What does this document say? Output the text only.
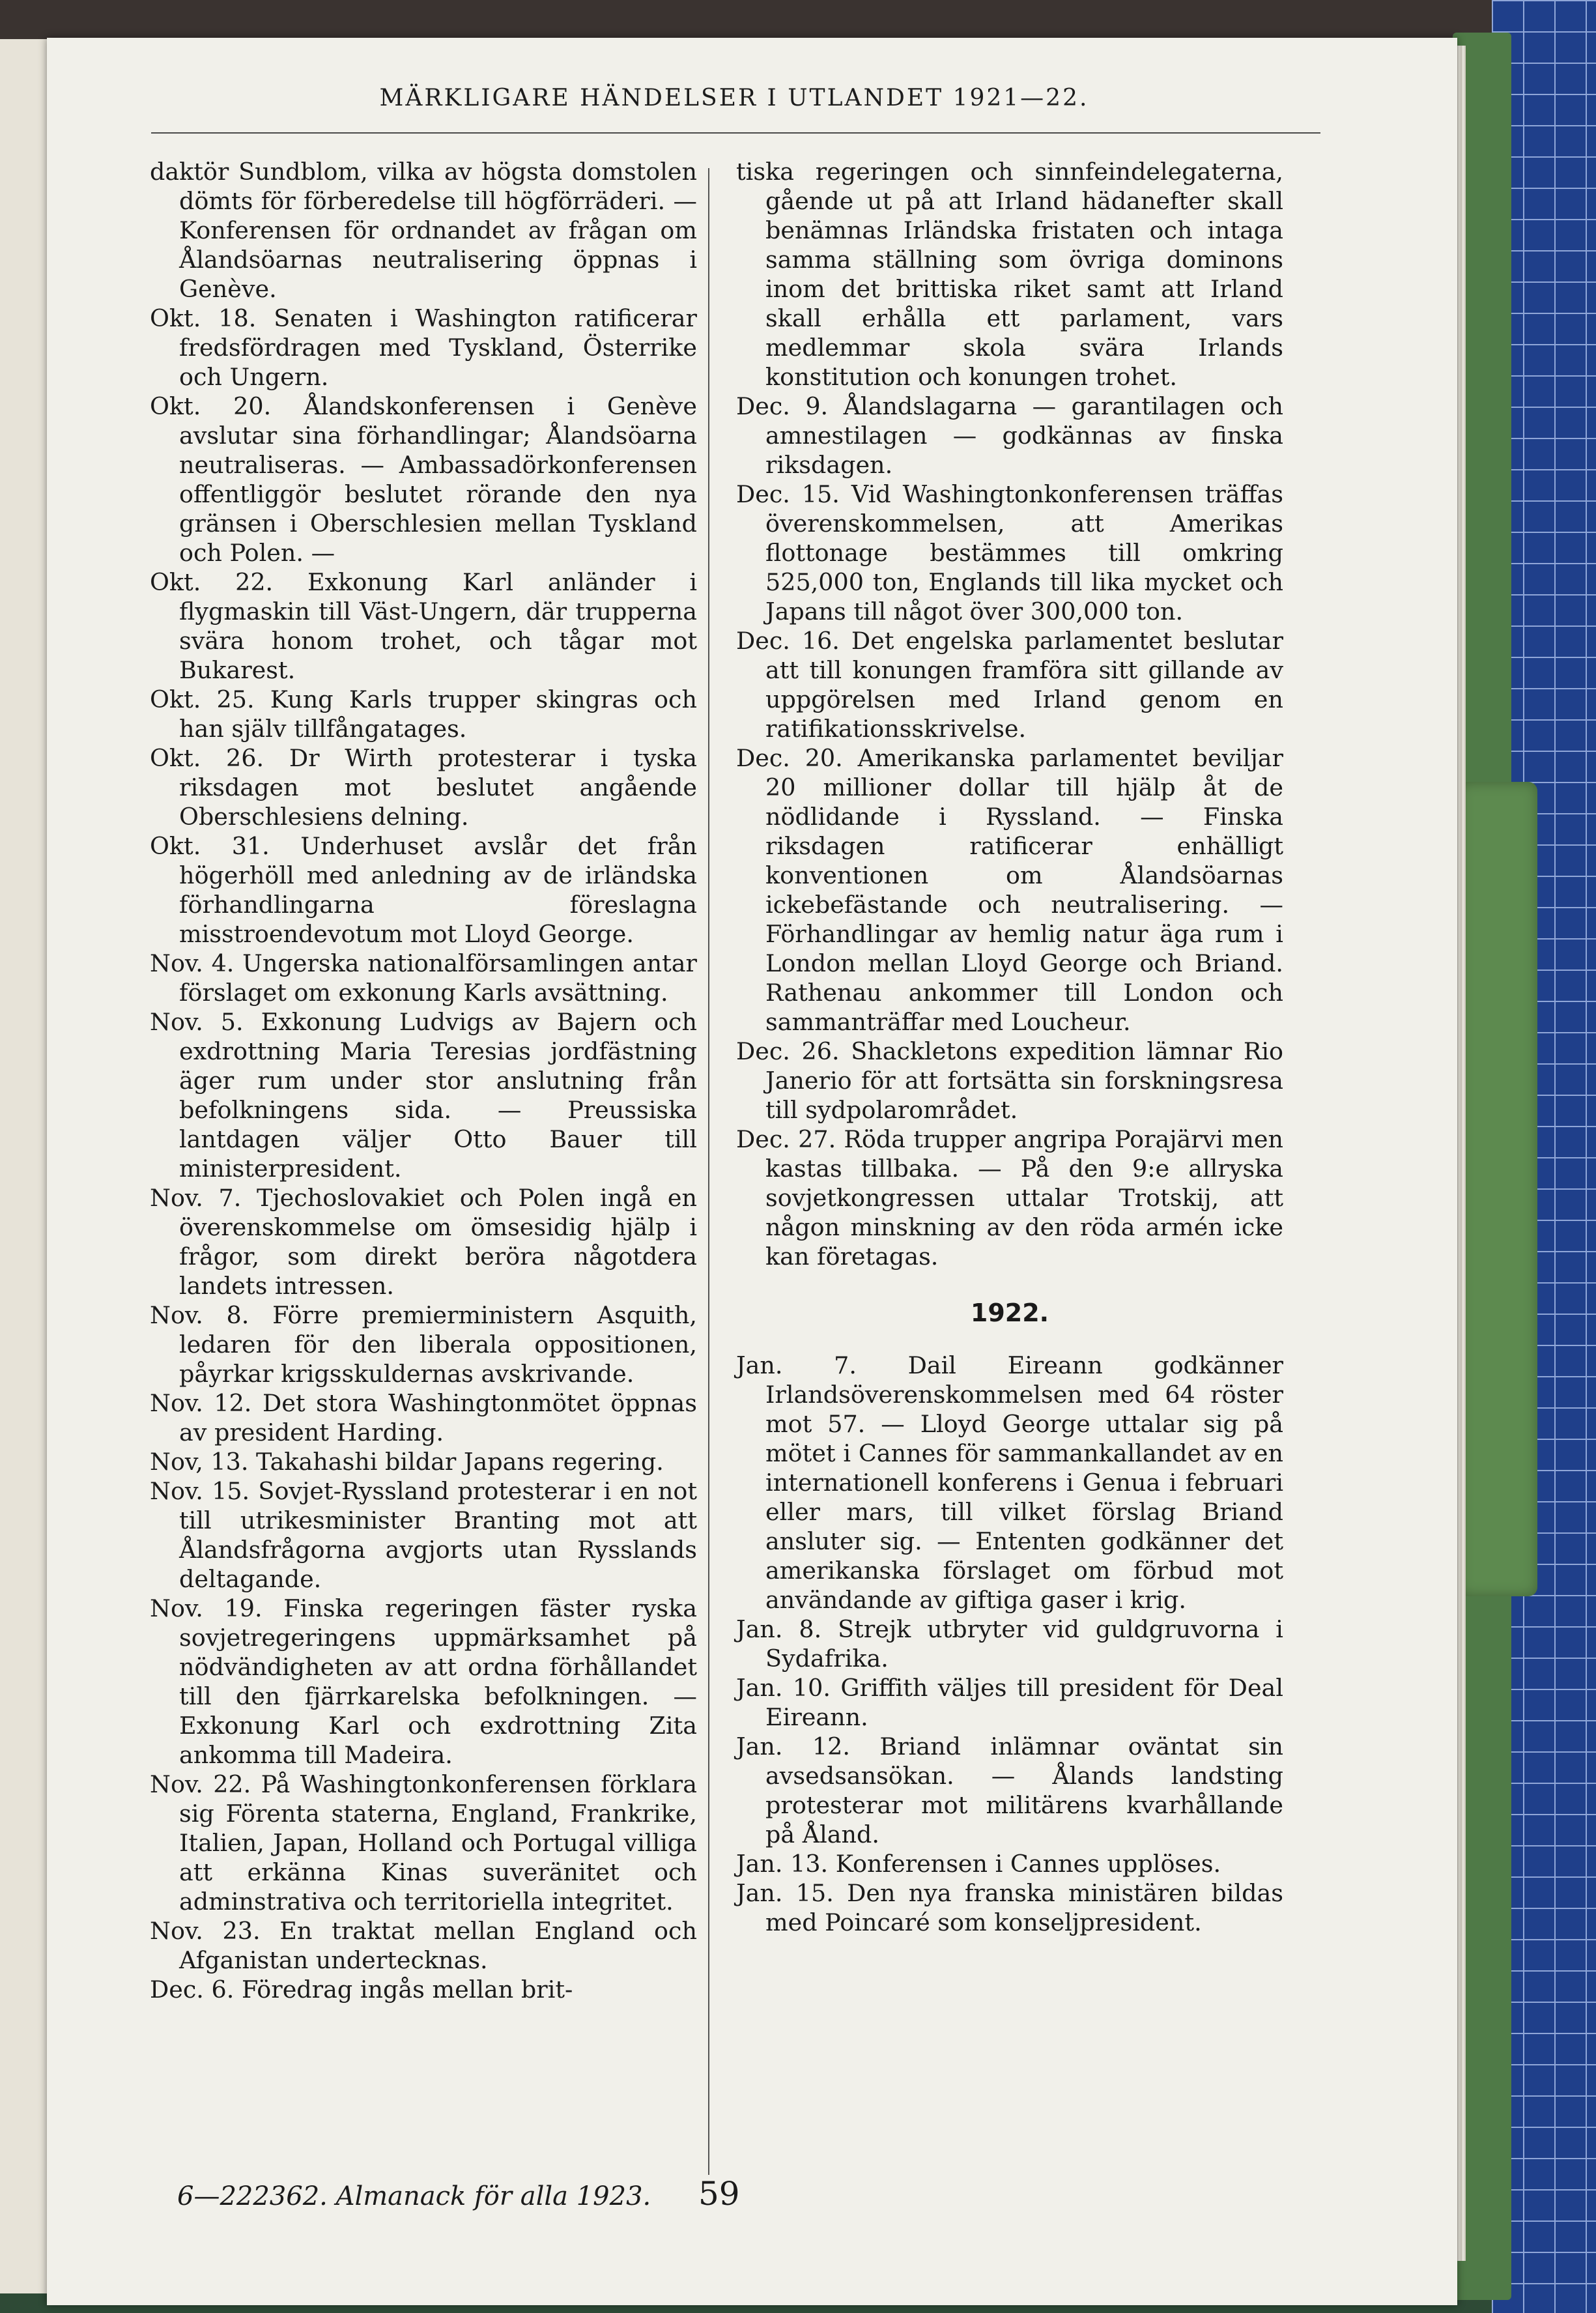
MÄRKLIGARE HÄNDELSER I UTLANDET 1921—22.

daktör Sundblom, vilka av högsta domstolen dömts för förberedelse till högförräderi. — Konferensen för ordnandet av frågan om Ålandsöarnas neutralisering öppnas i Genève.

Okt. 18. Senaten i Washington ratificerar fredsfördragen med Tyskland, Österrike och Ungern.

Okt. 20. Ålandskonferensen i Genève avslutar sina förhandlingar; Ålandsöarna neutraliseras. — Ambassadörkonferensen offentliggör beslutet rörande den nya gränsen i Oberschlesien mellan Tyskland och Polen. —

Okt. 22. Exkonung Karl anländer i flygmaskin till Väst-Ungern, där trupperna svära honom trohet, och tågar mot Bukarest.

Okt. 25. Kung Karls trupper skingras och han själv tillfångatages.

Okt. 26. Dr Wirth protesterar i tyska riksdagen mot beslutet angående Oberschlesiens delning.

Okt. 31. Underhuset avslår det från högerhöll med anledning av de irländska förhandlingarna föreslagna misstroendevotum mot Lloyd George.

Nov. 4. Ungerska nationalförsamlingen antar förslaget om exkonung Karls avsättning.

Nov. 5. Exkonung Ludvigs av Bajern och exdrottning Maria Teresias jordfästning äger rum under stor anslutning från befolkningens sida. — Preussiska lantdagen väljer Otto Bauer till ministerpresident.

Nov. 7. Tjechoslovakiet och Polen ingå en överenskommelse om ömsesidig hjälp i frågor, som direkt beröra någotdera landets intressen.

Nov. 8. Förre premierministern Asquith, ledaren för den liberala oppositionen, påyrkar krigsskuldernas avskrivande.

Nov. 12. Det stora Washingtonmötet öppnas av president Harding.

Nov, 13. Takahashi bildar Japans regering.

Nov. 15. Sovjet-Ryssland protesterar i en not till utrikesminister Branting mot att Ålandsfrågorna avgjorts utan Rysslands deltagande.

Nov. 19. Finska regeringen fäster ryska sovjetregeringens uppmärksamhet på nödvändigheten av att ordna förhållandet till den fjärrkarelska befolkningen. — Exkonung Karl och exdrottning Zita ankomma till Madeira.

Nov. 22. På Washingtonkonferensen förklara sig Förenta staterna, England, Frankrike, Italien, Japan, Holland och Portugal villiga att erkänna Kinas suveränitet och adminstrativa och territoriella integritet.

Nov. 23. En traktat mellan England och Afganistan undertecknas.

Dec. 6. Föredrag ingås mellan brit-

tiska regeringen och sinnfeindelegaterna, gående ut på att Irland hädanefter skall benämnas Irländska fristaten och intaga samma ställning som övriga dominons inom det brittiska riket samt att Irland skall erhålla ett parlament, vars medlemmar skola svära Irlands konstitution och konungen trohet.

Dec. 9. Ålandslagarna — garantilagen och amnestilagen — godkännas av finska riksdagen.

Dec. 15. Vid Washingtonkonferensen träffas överenskommelsen, att Amerikas flottonage bestämmes till omkring 525,000 ton, Englands till lika mycket och Japans till något över 300,000 ton.

Dec. 16. Det engelska parlamentet beslutar att till konungen framföra sitt gillande av uppgörelsen med Irland genom en ratifikationsskrivelse.

Dec. 20. Amerikanska parlamentet beviljar 20 millioner dollar till hjälp åt de nödlidande i Ryssland. — Finska riksdagen ratificerar enhälligt konventionen om Ålandsöarnas ickebefästande och neutralisering. — Förhandlingar av hemlig natur äga rum i London mellan Lloyd George och Briand. Rathenau ankommer till London och sammanträffar med Loucheur.

Dec. 26. Shackletons expedition lämnar Rio Janerio för att fortsätta sin forskningsresa till sydpolarområdet.

Dec. 27. Röda trupper angripa Porajärvi men kastas tillbaka. — På den 9:e allryska sovjetkongressen uttalar Trotskij, att någon minskning av den röda armén icke kan företagas.

1922.

Jan. 7. Dail Eireann godkänner Irlandsöverenskommelsen med 64 röster mot 57. — Lloyd George uttalar sig på mötet i Cannes för sammankallandet av en internationell konferens i Genua i februari eller mars, till vilket förslag Briand ansluter sig. — Ententen godkänner det amerikanska förslaget om förbud mot användande av giftiga gaser i krig.

Jan. 8. Strejk utbryter vid guldgruvorna i Sydafrika.

Jan. 10. Griffith väljes till president för Deal Eireann.

Jan. 12. Briand inlämnar oväntat sin avsedsansökan. — Ålands landsting protesterar mot militärens kvarhållande på Åland.

Jan. 13. Konferensen i Cannes upplöses.

Jan. 15. Den nya franska ministären bildas med Poincaré som konseljpresident.

6—222362. Almanack för alla 1923. 59
